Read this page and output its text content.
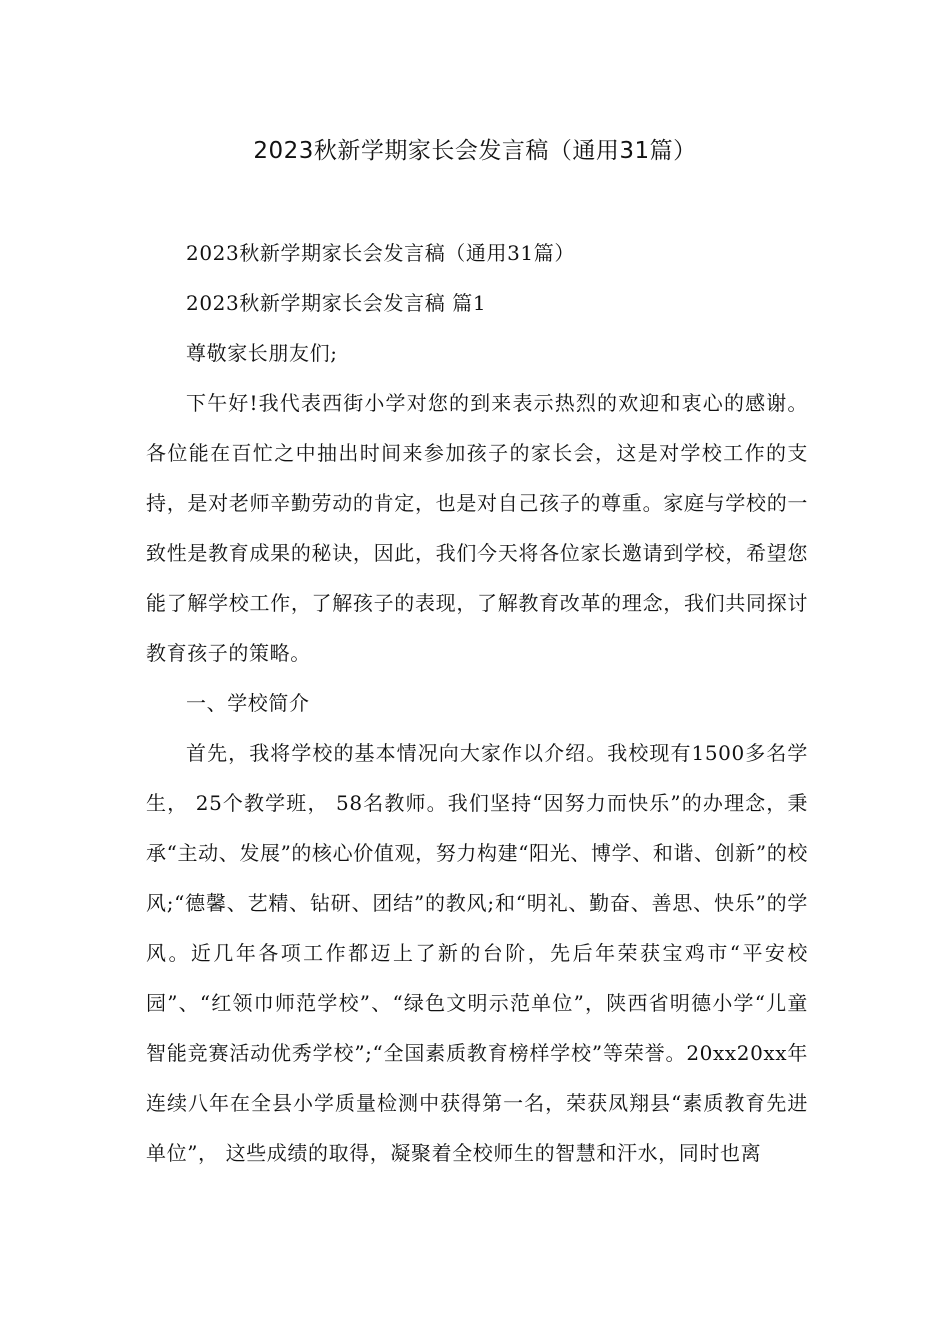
2023秋新学期家长会发言稿（通用31篇）

2023秋新学期家长会发言稿（通用31篇）

2023秋新学期家长会发言稿 篇1

尊敬家长朋友们;

下午好!我代表西街小学对您的到来表示热烈的欢迎和衷心的感谢。各位能在百忙之中抽出时间来参加孩子的家长会，这是对学校工作的支持，是对老师辛勤劳动的肯定，也是对自己孩子的尊重。家庭与学校的一致性是教育成果的秘诀，因此，我们今天将各位家长邀请到学校，希望您能了解学校工作，了解孩子的表现，了解教育改革的理念，我们共同探讨教育孩子的策略。

一、学校简介

首先，我将学校的基本情况向大家作以介绍。我校现有1500多名学生， 25个教学班， 58名教师。我们坚持“因努力而快乐”的办理念，秉承“主动、发展”的核心价值观，努力构建“阳光、博学、和谐、创新”的校风;“德馨、艺精、钻研、团结”的教风;和“明礼、勤奋、善思、快乐”的学风。近几年各项工作都迈上了新的台阶，先后年荣获宝鸡市“平安校园”、“红领巾师范学校”、“绿色文明示范单位”，陕西省明德小学“儿童智能竞赛活动优秀学校”;“全国素质教育榜样学校”等荣誉。20xx20xx年连续八年在全县小学质量检测中获得第一名，荣获凤翔县“素质教育先进单位”， 这些成绩的取得，凝聚着全校师生的智慧和汗水，同时也离
